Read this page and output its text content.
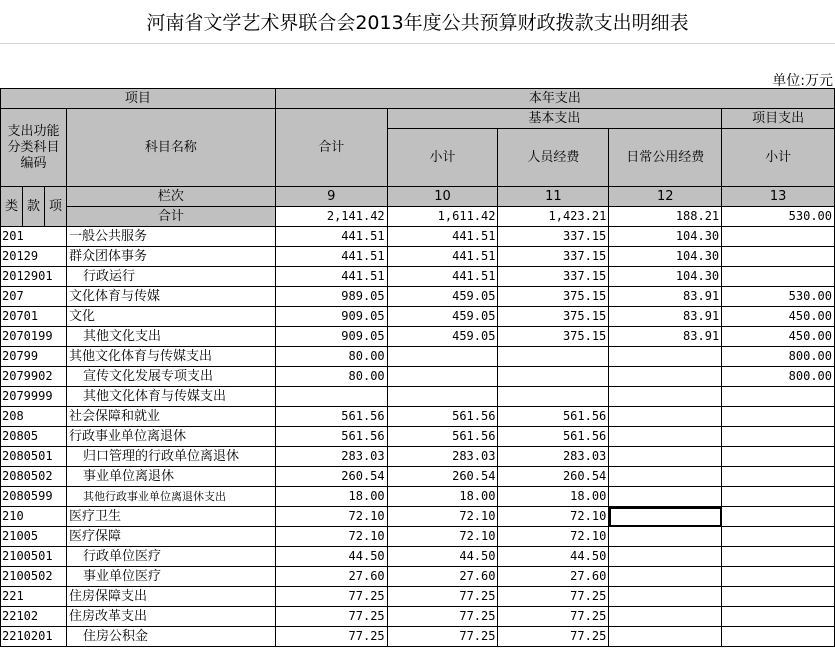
河南省文学艺术界联合会2013年度公共预算财政拨款支出明细表
单位:万元
项目				本年支出				
支出功能分类科目编码			科目名称	合计	基本支出			项目支出
					小计	人员经费	日常公用经费	小计
类	款	项	栏次	9	10	11	12	13
			合计	2,141.42	1,611.42	1,423.21	188.21	530.00
201			一般公共服务	441.51	441.51	337.15	104.30	
20129			群众团体事务	441.51	441.51	337.15	104.30	
2012901			行政运行	441.51	441.51	337.15	104.30	
207			文化体育与传媒	989.05	459.05	375.15	83.91	530.00
20701			文化	909.05	459.05	375.15	83.91	450.00
2070199			其他文化支出	909.05	459.05	375.15	83.91	450.00
20799			其他文化体育与传媒支出	80.00				800.00
2079902			宣传文化发展专项支出	80.00				800.00
2079999			其他文化体育与传媒支出					
208			社会保障和就业	561.56	561.56	561.56		
20805			行政事业单位离退休	561.56	561.56	561.56		
2080501			归口管理的行政单位离退休	283.03	283.03	283.03		
2080502			事业单位离退休	260.54	260.54	260.54		
2080599			其他行政事业单位离退休支出	18.00	18.00	18.00		
210			医疗卫生	72.10	72.10	72.10		
21005			医疗保障	72.10	72.10	72.10		
2100501			行政单位医疗	44.50	44.50	44.50		
2100502			事业单位医疗	27.60	27.60	27.60		
221			住房保障支出	77.25	77.25	77.25		
22102			住房改革支出	77.25	77.25	77.25		
2210201			住房公积金	77.25	77.25	77.25		
